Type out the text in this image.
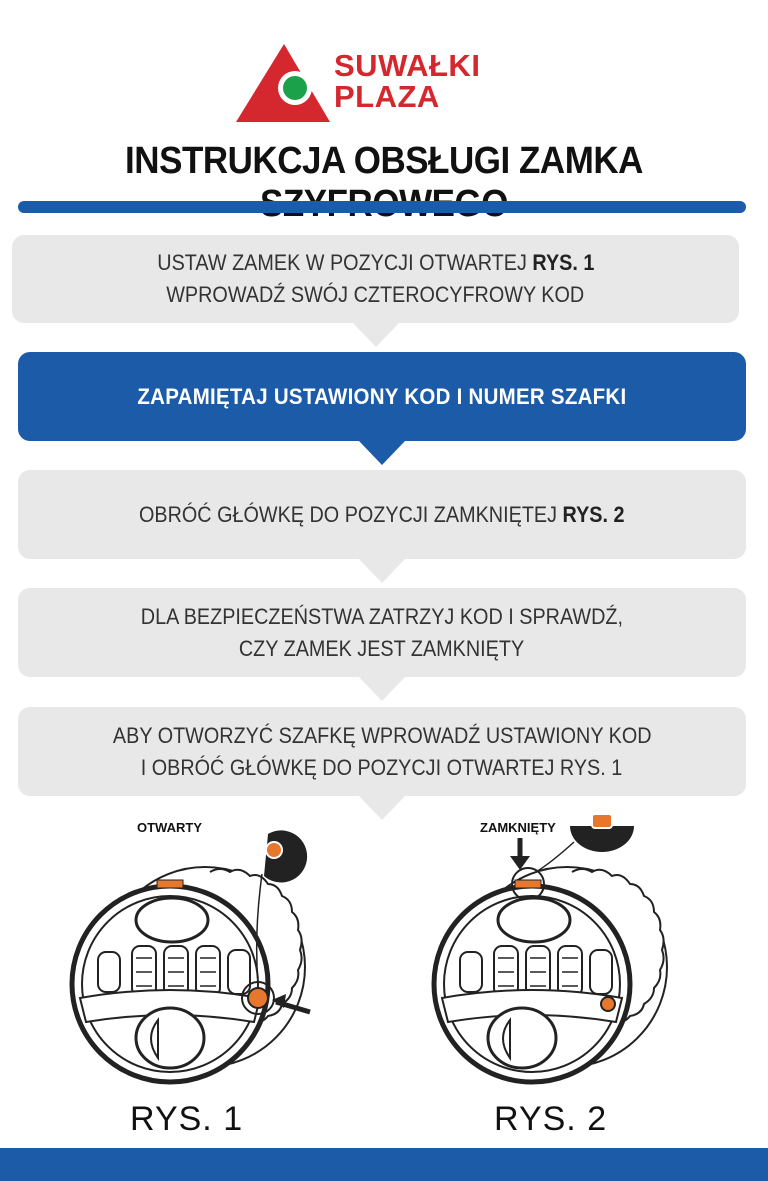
SUWAŁKI
PLAZA
INSTRUKCJA OBSŁUGI ZAMKA
USTAW ZAMEK W POZYCJI OTWARTEJ RYS. 1
WPROWADŹ SWÓJ CZTEROCYFROWY KOD
ZAPAMIĘTAJ USTAWIONY KOD I NUMER SZAFKI
OBRÓĆ GŁÓWKĘ DO POZYCJI ZAMKNIĘTEJ RYS. 2
DLA BEZPIECZEŃSTWA ZATRZYJ KOD I SPRAWDŹ,
CZY ZAMEK JEST ZAMKNIĘTY
ABY OTWORZYĆ SZAFKĘ WPROWADŹ USTAWIONY KOD
I OBRÓĆ GŁÓWKĘ DO POZYCJI OTWARTEJ RYS. 1
OTWARTY
RYS. 1
ZAMKNIĘTY
RYS. 2
